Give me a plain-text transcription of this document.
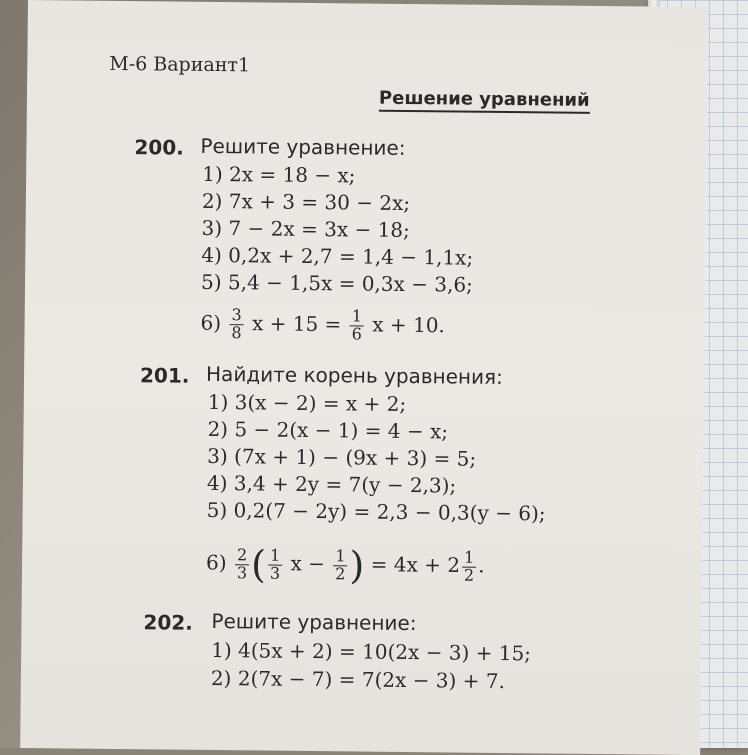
М-6 Вариант1
Решение уравнений
200. Решите уравнение:
1) 2x = 18 − x;
2) 7x + 3 = 30 − 2x;
3) 7 − 2x = 3x − 18;
4) 0,2x + 2,7 = 1,4 − 1,1x;
5) 5,4 − 1,5x = 0,3x − 3,6;
$6) \frac{3}{8}$ $x + 15 = \frac{1}{6}$ x + 10.
201. Найдите корень уравнения:
1) 3(x − 2) = x + 2;
2) 5 − 2(x − 1) = 4 − x;
3) (7x + 1) − (9x + 3) = 5;
4) 3,4 + 2y = 7(y − 2,3);
5) 0,2(7 − 2y) = 2,3 − 0,3(y − 6);
$6) \frac{2}{3}$ ( $\frac{1}{3}$ $x - \frac{1}{2}$ ) = $4x + 2 \frac{1}{2}$ .
202. Решите уравнение:
1) 4(5x + 2) = 10(2x − 3) + 15;
2) 2(7x − 7) = 7(2x − 3) + 7.
